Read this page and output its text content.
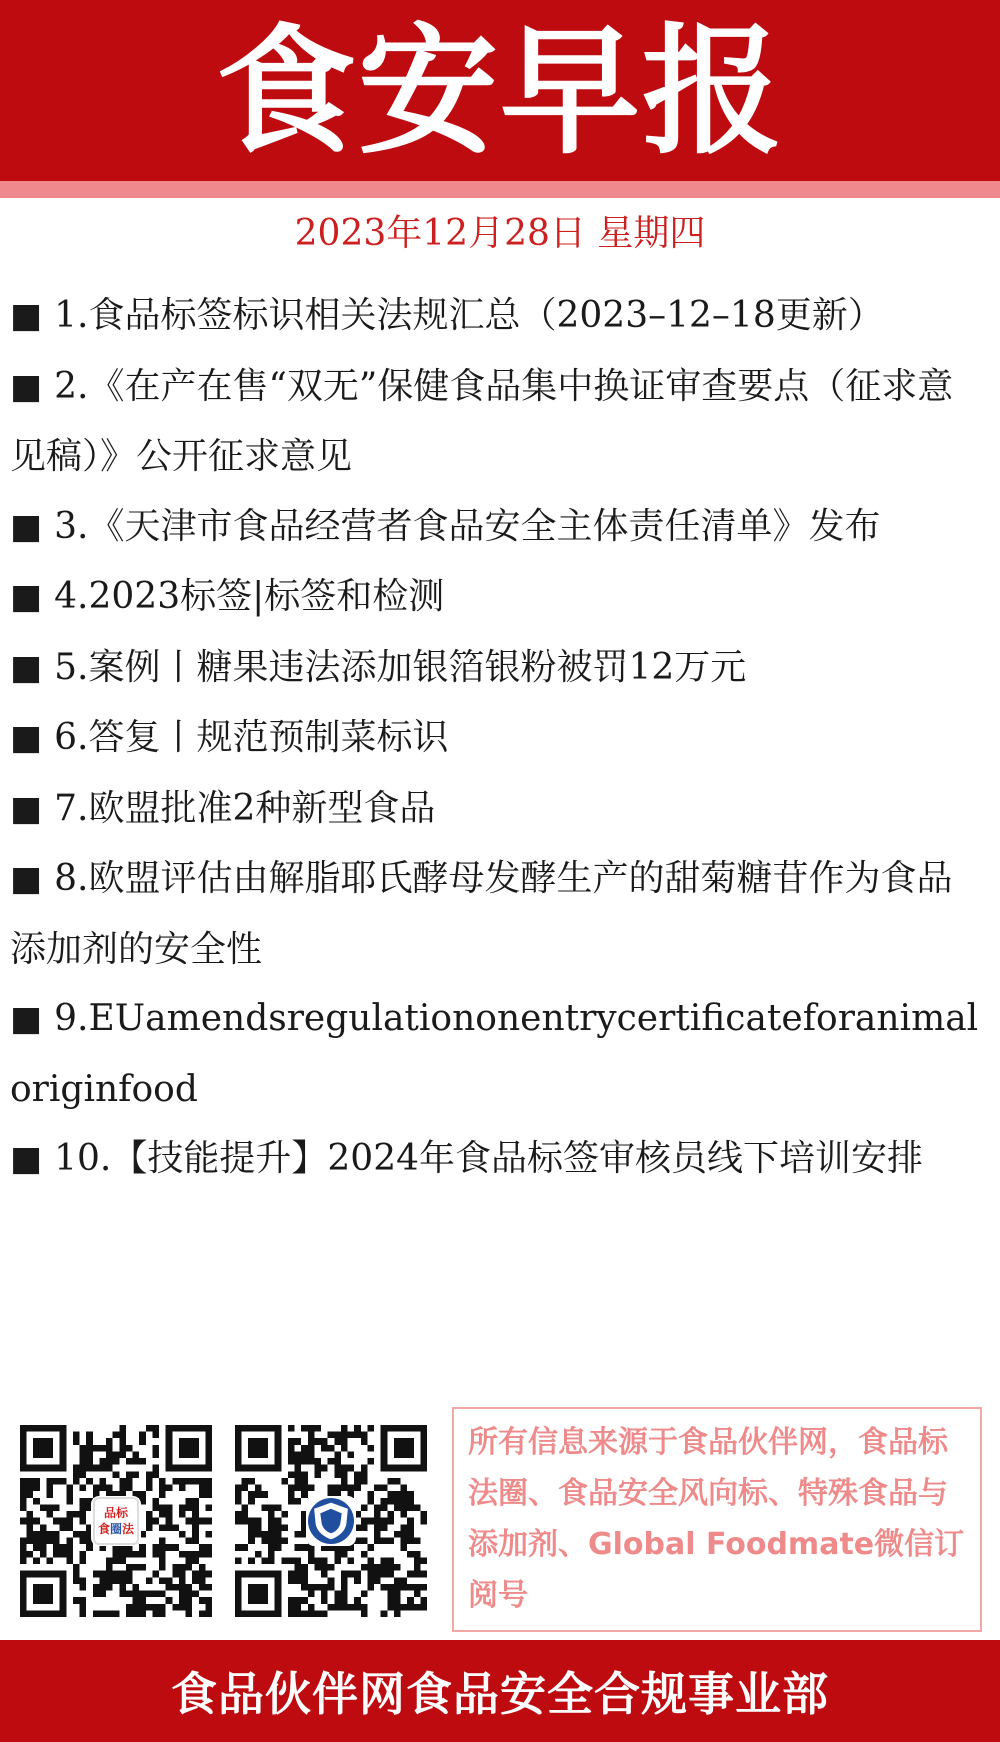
食安早报
2023年12月28日 星期四
■ 1.食品标签标识相关法规汇总（2023–12–18更新）
■ 2.《在产在售“双无”保健食品集中换证审查要点（征求意见稿）》公开征求意见
■ 3.《天津市食品经营者食品安全主体责任清单》发布
■ 4.2023标签|标签和检测
■ 5.案例丨糖果违法添加银箔银粉被罚12万元
■ 6.答复丨规范预制菜标识
■ 7.欧盟批准2种新型食品
■ 8.欧盟评估由解脂耶氏酵母发酵生产的甜菊糖苷作为食品添加剂的安全性
■ 9.EUamendsregulationonentrycertificateforanimaloriginfood
■ 10.【技能提升】2024年食品标签审核员线下培训安排
品标
食圈法
所有信息来源于食品伙伴网，食品标法圈、食品安全风向标、特殊食品与添加剂、Global Foodmate微信订阅号
食品伙伴网食品安全合规事业部
